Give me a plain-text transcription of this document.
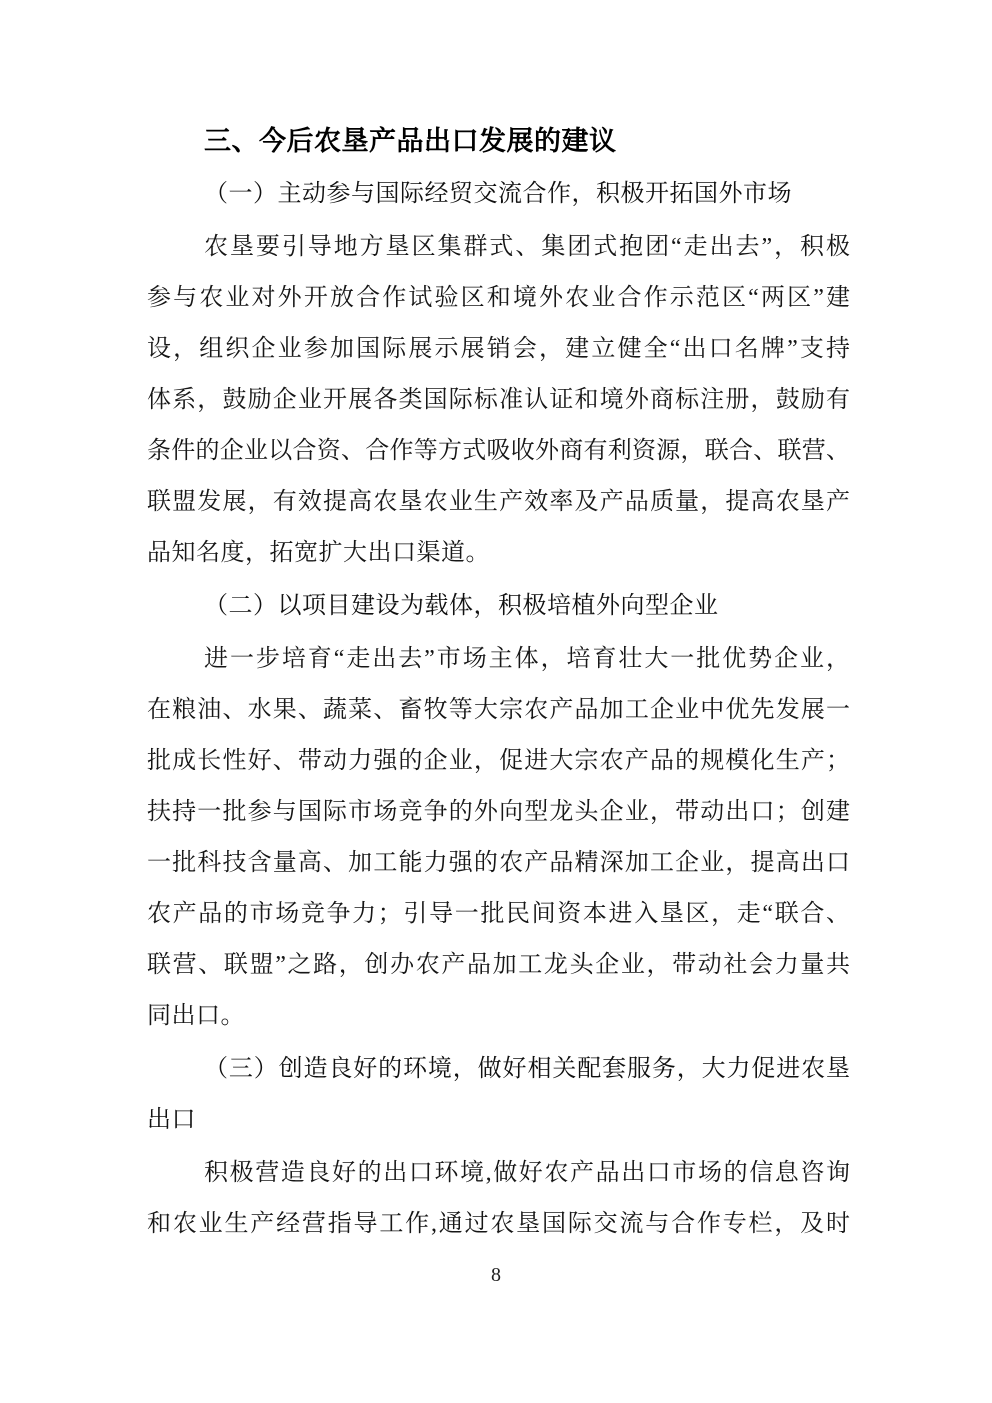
三、今后农垦产品出口发展的建议
（一）主动参与国际经贸交流合作，积极开拓国外市场
农垦要引导地方垦区集群式、集团式抱团“走出去”，积极
参与农业对外开放合作试验区和境外农业合作示范区“两区”建
设，组织企业参加国际展示展销会，建立健全“出口名牌”支持
体系，鼓励企业开展各类国际标准认证和境外商标注册，鼓励有
条件的企业以合资、合作等方式吸收外商有利资源，联合、联营、
联盟发展，有效提高农垦农业生产效率及产品质量，提高农垦产
品知名度，拓宽扩大出口渠道。
（二）以项目建设为载体，积极培植外向型企业
进一步培育“走出去”市场主体，培育壮大一批优势企业，
在粮油、水果、蔬菜、畜牧等大宗农产品加工企业中优先发展一
批成长性好、带动力强的企业，促进大宗农产品的规模化生产；
扶持一批参与国际市场竞争的外向型龙头企业，带动出口；创建
一批科技含量高、加工能力强的农产品精深加工企业，提高出口
农产品的市场竞争力；引导一批民间资本进入垦区，走“联合、
联营、联盟”之路，创办农产品加工龙头企业，带动社会力量共
同出口。
（三）创造良好的环境，做好相关配套服务，大力促进农垦
出口
积极营造良好的出口环境,做好农产品出口市场的信息咨询
和农业生产经营指导工作,通过农垦国际交流与合作专栏，及时
8
